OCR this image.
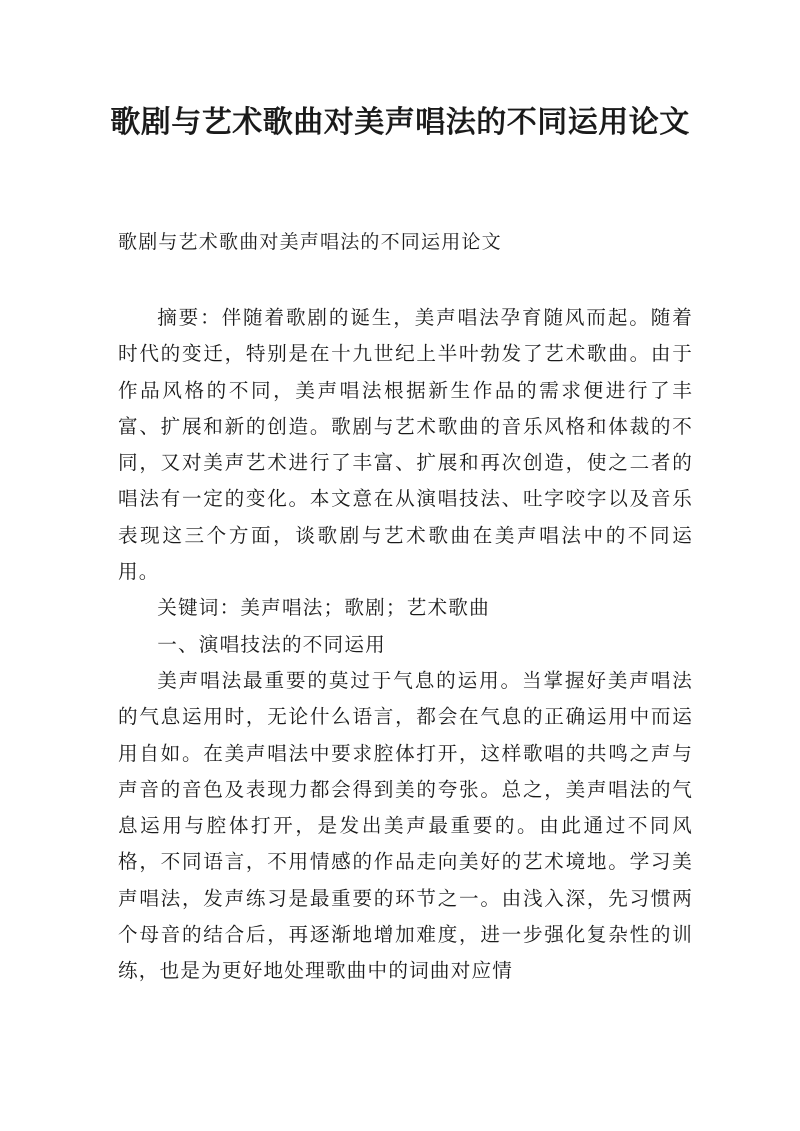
歌剧与艺术歌曲对美声唱法的不同运用论文

歌剧与艺术歌曲对美声唱法的不同运用论文

摘要：伴随着歌剧的诞生，美声唱法孕育随风而起。随着时代的变迁，特别是在十九世纪上半叶勃发了艺术歌曲。由于作品风格的不同，美声唱法根据新生作品的需求便进行了丰富、扩展和新的创造。歌剧与艺术歌曲的音乐风格和体裁的不同，又对美声艺术进行了丰富、扩展和再次创造，使之二者的唱法有一定的变化。本文意在从演唱技法、吐字咬字以及音乐表现这三个方面，谈歌剧与艺术歌曲在美声唱法中的不同运用。

关键词：美声唱法；歌剧；艺术歌曲

一、演唱技法的不同运用

美声唱法最重要的莫过于气息的运用。当掌握好美声唱法的气息运用时，无论什么语言，都会在气息的正确运用中而运用自如。在美声唱法中要求腔体打开，这样歌唱的共鸣之声与声音的音色及表现力都会得到美的夸张。总之，美声唱法的气息运用与腔体打开，是发出美声最重要的。由此通过不同风格，不同语言，不用情感的作品走向美好的艺术境地。学习美声唱法，发声练习是最重要的环节之一。由浅入深，先习惯两个母音的结合后，再逐渐地增加难度，进一步强化复杂性的训练，也是为更好地处理歌曲中的词曲对应情
